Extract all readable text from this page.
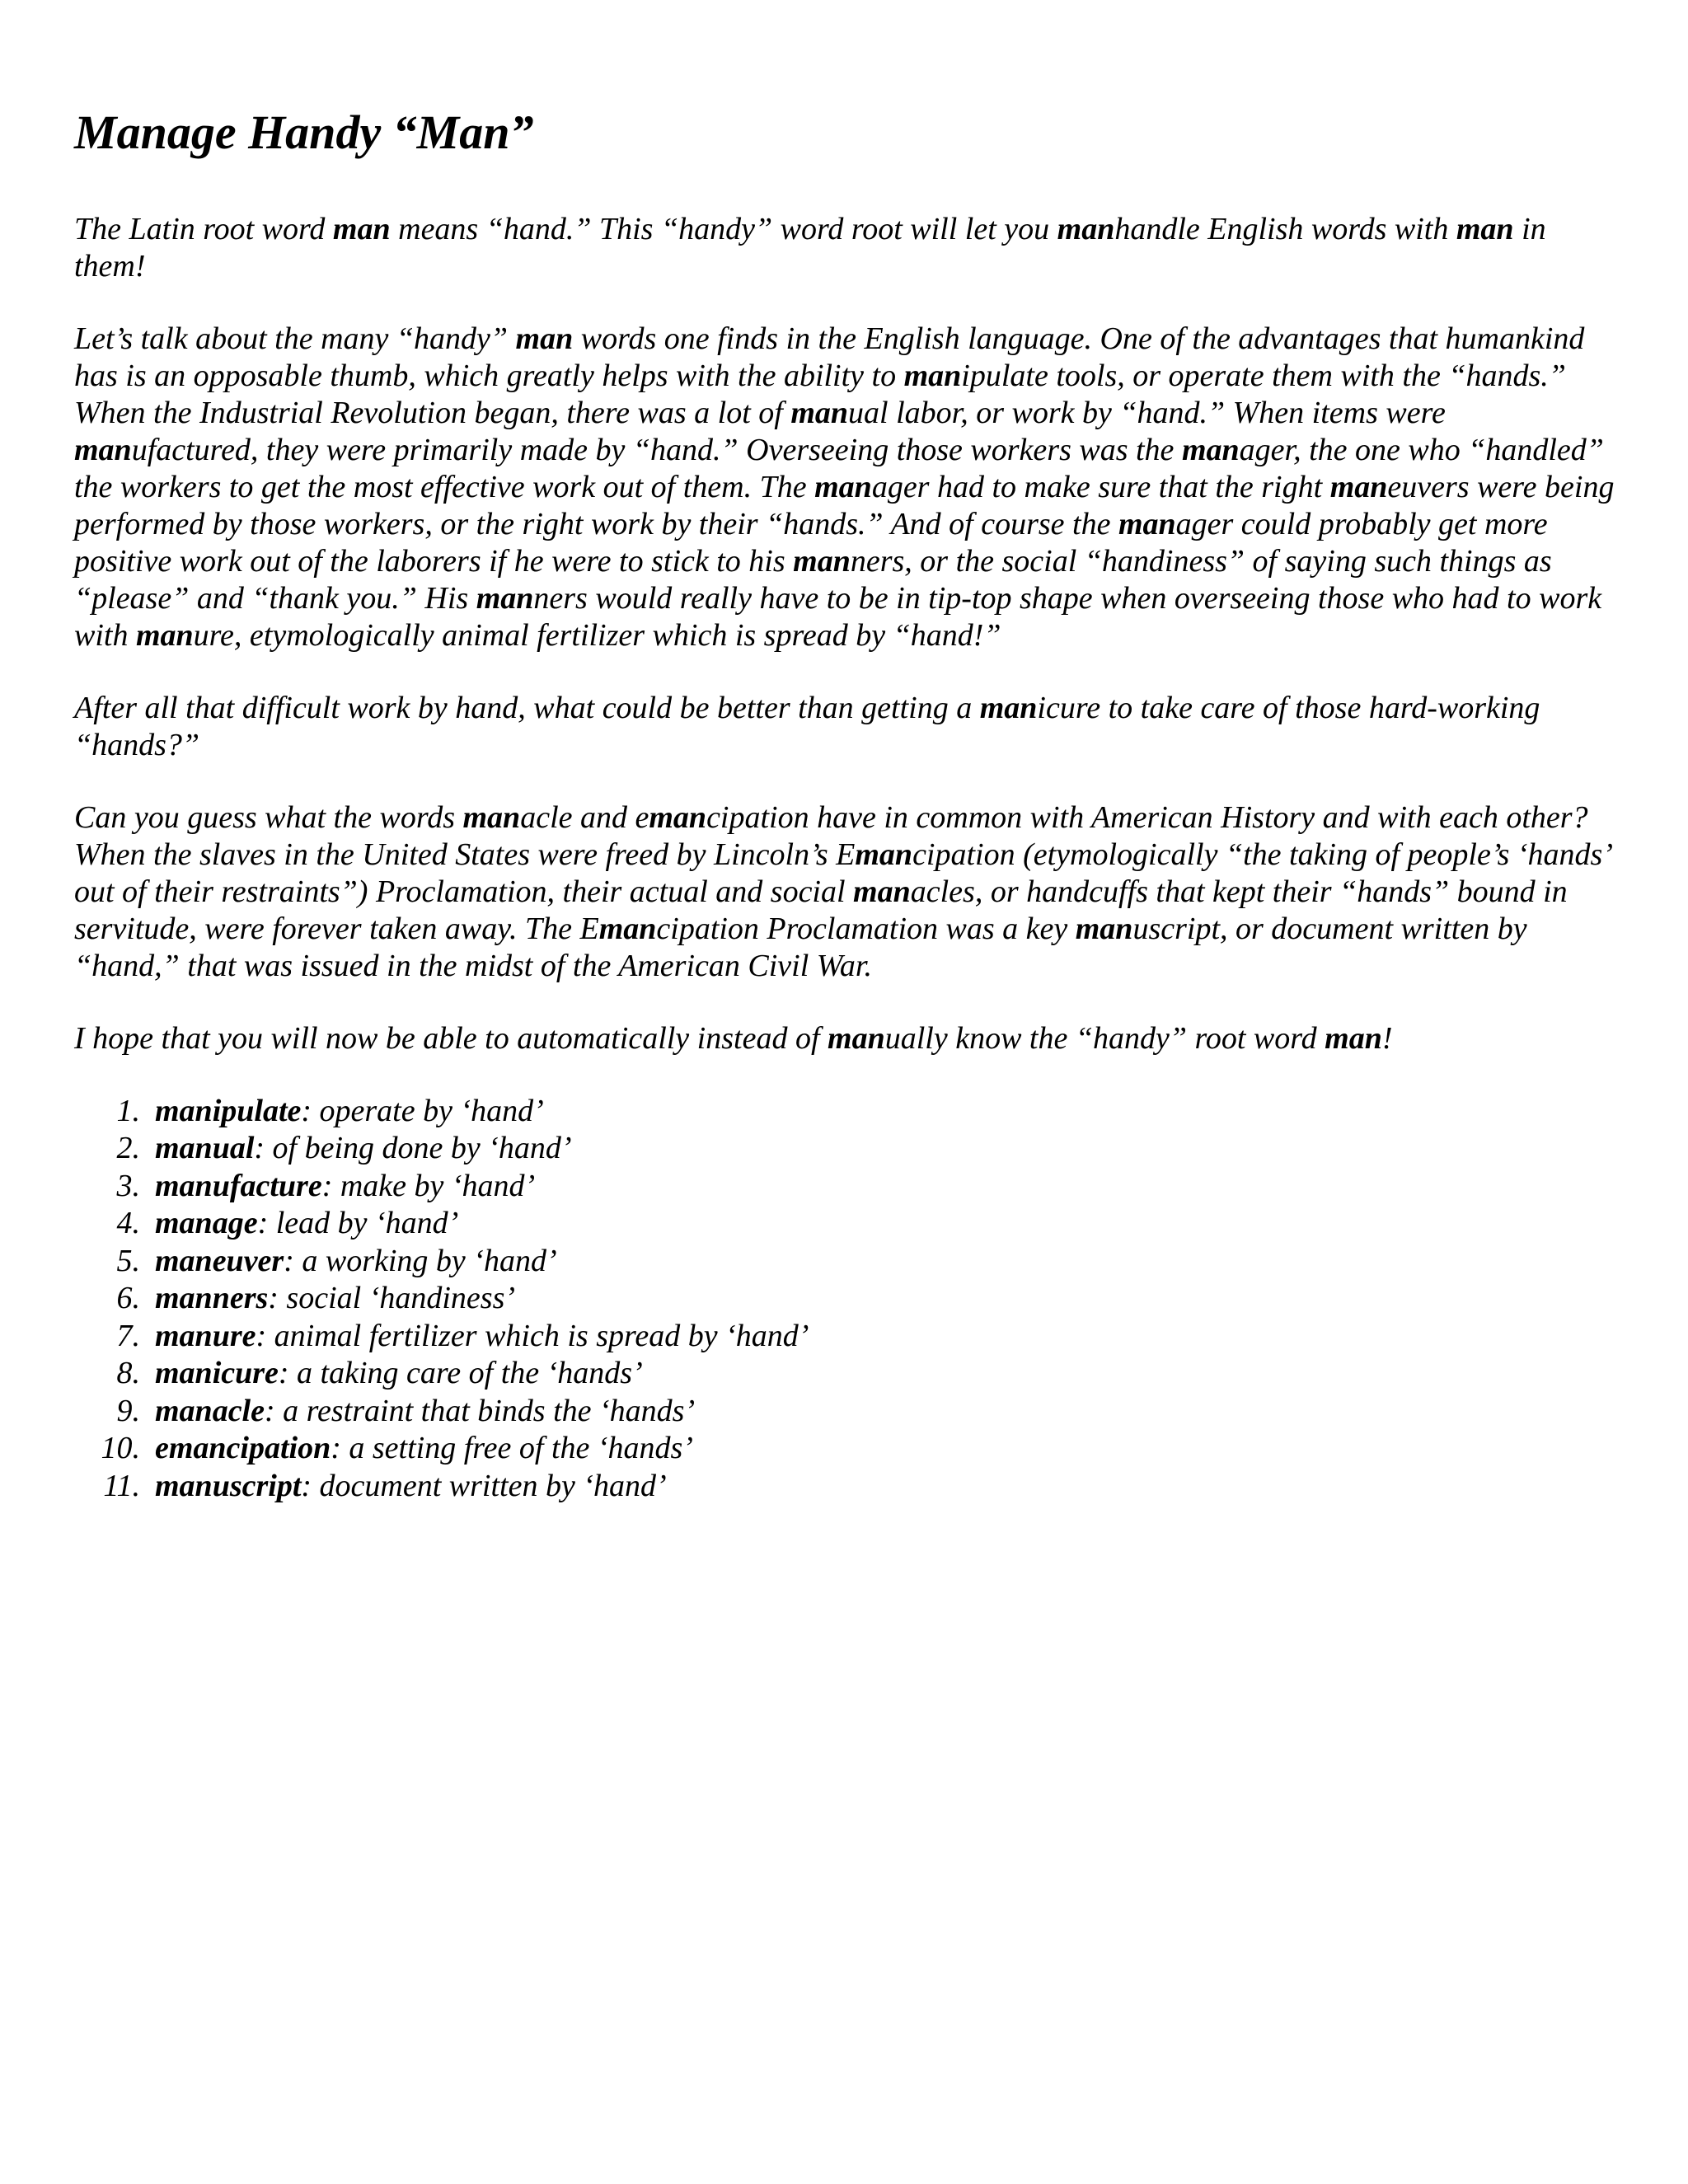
Manage Handy “Man”

The Latin root word man means “hand.” This “handy” word root will let you manhandle English words with man in them!

Let’s talk about the many “handy” man words one finds in the English language. One of the advantages that humankind has is an opposable thumb, which greatly helps with the ability to manipulate tools, or operate them with the “hands.” When the Industrial Revolution began, there was a lot of manual labor, or work by “hand.” When items were manufactured, they were primarily made by “hand.” Overseeing those workers was the manager, the one who “handled” the workers to get the most effective work out of them. The manager had to make sure that the right maneuvers were being performed by those workers, or the right work by their “hands.” And of course the manager could probably get more positive work out of the laborers if he were to stick to his manners, or the social “handiness” of saying such things as “please” and “thank you.” His manners would really have to be in tip-top shape when overseeing those who had to work with manure, etymologically animal fertilizer which is spread by “hand!”

After all that difficult work by hand, what could be better than getting a manicure to take care of those hard-working “hands?”

Can you guess what the words manacle and emancipation have in common with American History and with each other? When the slaves in the United States were freed by Lincoln’s Emancipation (etymologically “the taking of people’s ‘hands’ out of their restraints”) Proclamation, their actual and social manacles, or handcuffs that kept their “hands” bound in servitude, were forever taken away. The Emancipation Proclamation was a key manuscript, or document written by “hand,” that was issued in the midst of the American Civil War.

I hope that you will now be able to automatically instead of manually know the “handy” root word man!

1. manipulate: operate by ‘hand’
2. manual: of being done by ‘hand’
3. manufacture: make by ‘hand’
4. manage: lead by ‘hand’
5. maneuver: a working by ‘hand’
6. manners: social ‘handiness’
7. manure: animal fertilizer which is spread by ‘hand’
8. manicure: a taking care of the ‘hands’
9. manacle: a restraint that binds the ‘hands’
10. emancipation: a setting free of the ‘hands’
11. manuscript: document written by ‘hand’
